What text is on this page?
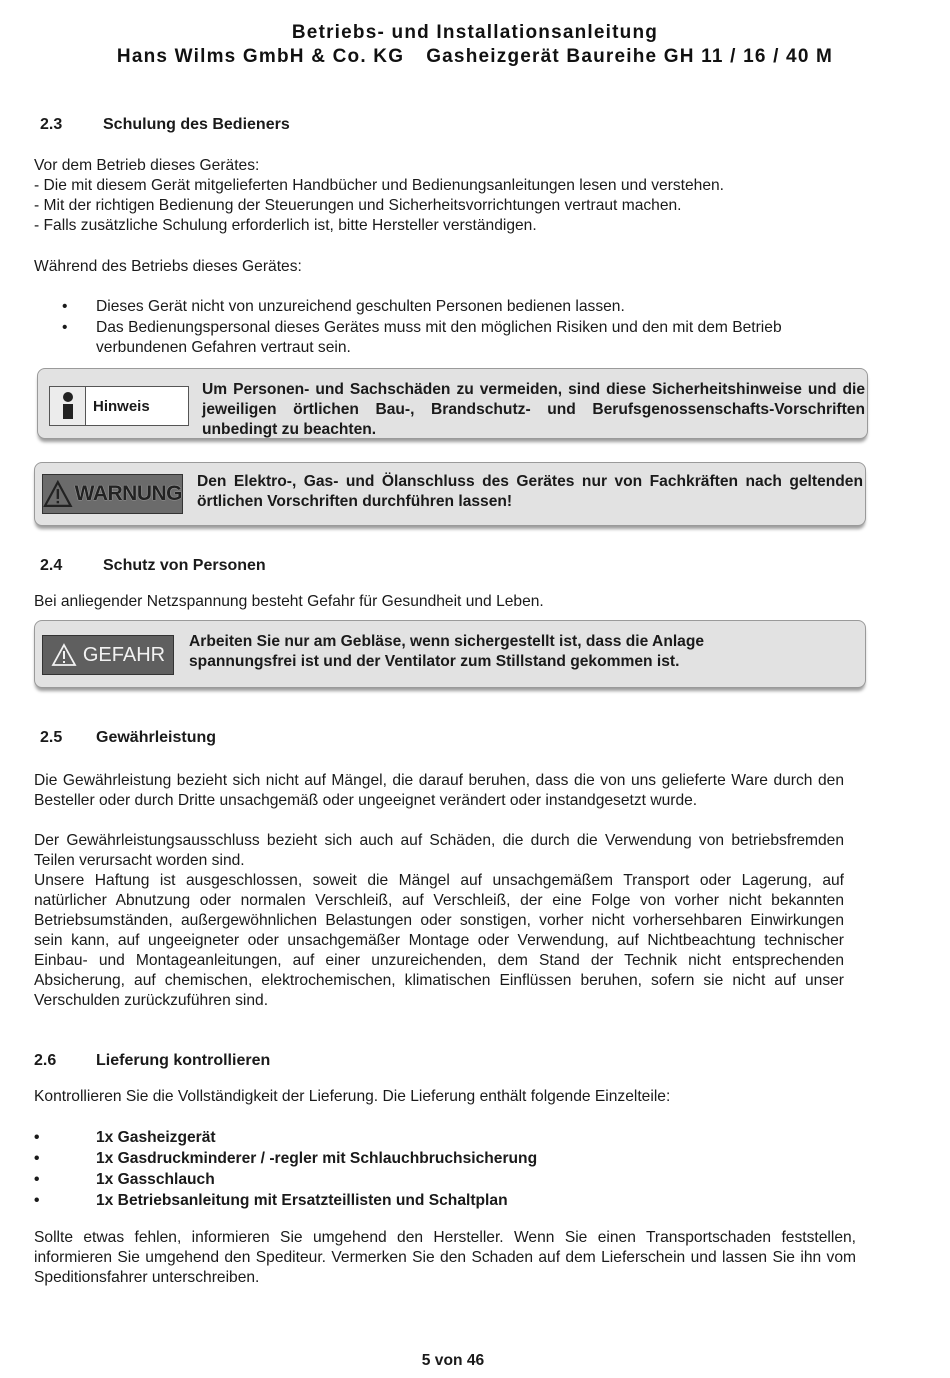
Betriebs- und Installationsanleitung
Hans Wilms GmbH & Co. KG Gasheizgerät Baureihe GH 11 / 16 / 40 M
2.3	Schulung des Bedieners

Vor dem Betrieb dieses Gerätes:
- Die mit diesem Gerät mitgelieferten Handbücher und Bedienungsanleitungen lesen und verstehen.
- Mit der richtigen Bedienung der Steuerungen und Sicherheitsvorrichtungen vertraut machen.
- Falls zusätzliche Schulung erforderlich ist, bitte Hersteller verständigen.

Während des Betriebs dieses Gerätes:

• Dieses Gerät nicht von unzureichend geschulten Personen bedienen lassen.
• Das Bedienungspersonal dieses Gerätes muss mit den möglichen Risiken und den mit dem Betrieb verbundenen Gefahren vertraut sein.
Hinweis
Um Personen- und Sachschäden zu vermeiden, sind diese Sicherheitshinweise und die jeweiligen örtlichen Bau-, Brandschutz- und Berufsgenossenschafts-Vorschriften unbedingt zu beachten.
WARNUNG
Den Elektro-, Gas- und Ölanschluss des Gerätes nur von Fachkräften nach geltenden örtlichen Vorschriften durchführen lassen!
2.4	Schutz von Personen

Bei anliegender Netzspannung besteht Gefahr für Gesundheit und Leben.

GEFAHR
Arbeiten Sie nur am Gebläse, wenn sichergestellt ist, dass die Anlage
spannungsfrei ist und der Ventilator zum Stillstand gekommen ist.
2.5 Gewährleistung
Die Gewährleistung bezieht sich nicht auf Mängel, die darauf beruhen, dass die von uns gelieferte Ware durch den Besteller oder durch Dritte unsachgemäß oder ungeeignet verändert oder instandgesetzt wurde.
Der Gewährleistungsausschluss bezieht sich auch auf Schäden, die durch die Verwendung von betriebsfremden Teilen verursacht worden sind.
Unsere Haftung ist ausgeschlossen, soweit die Mängel auf unsachgemäßem Transport oder Lagerung, auf natürlicher Abnutzung oder normalen Verschleiß, auf Verschleiß, der eine Folge von vorher nicht bekannten Betriebsumständen, außergewöhnlichen Belastungen oder sonstigen, vorher nicht vorhersehbaren Einwirkungen sein kann, auf ungeeigneter oder unsachgemäßer Montage oder Verwendung, auf Nichtbeachtung technischer Einbau- und Montageanleitungen, auf einer unzureichenden, dem Stand der Technik nicht entsprechenden Absicherung, auf chemischen, elektrochemischen, klimatischen Einflüssen beruhen, sofern sie nicht auf unser Verschulden zurückzuführen sind.
2.6 Lieferung kontrollieren

Kontrollieren Sie die Vollständigkeit der Lieferung. Die Lieferung enthält folgende Einzelteile:

•	1x Gasheizgerät
•	1x Gasdruckminderer / -regler mit Schlauchbruchsicherung
•	1x Gasschlauch
•	1x Betriebsanleitung mit Ersatzteillisten und Schaltplan
Sollte etwas fehlen, informieren Sie umgehend den Hersteller. Wenn Sie einen Transportschaden feststellen, informieren Sie umgehend den Spediteur. Vermerken Sie den Schaden auf dem Lieferschein und lassen Sie ihn vom Speditionsfahrer unterschreiben.
5 von 46
